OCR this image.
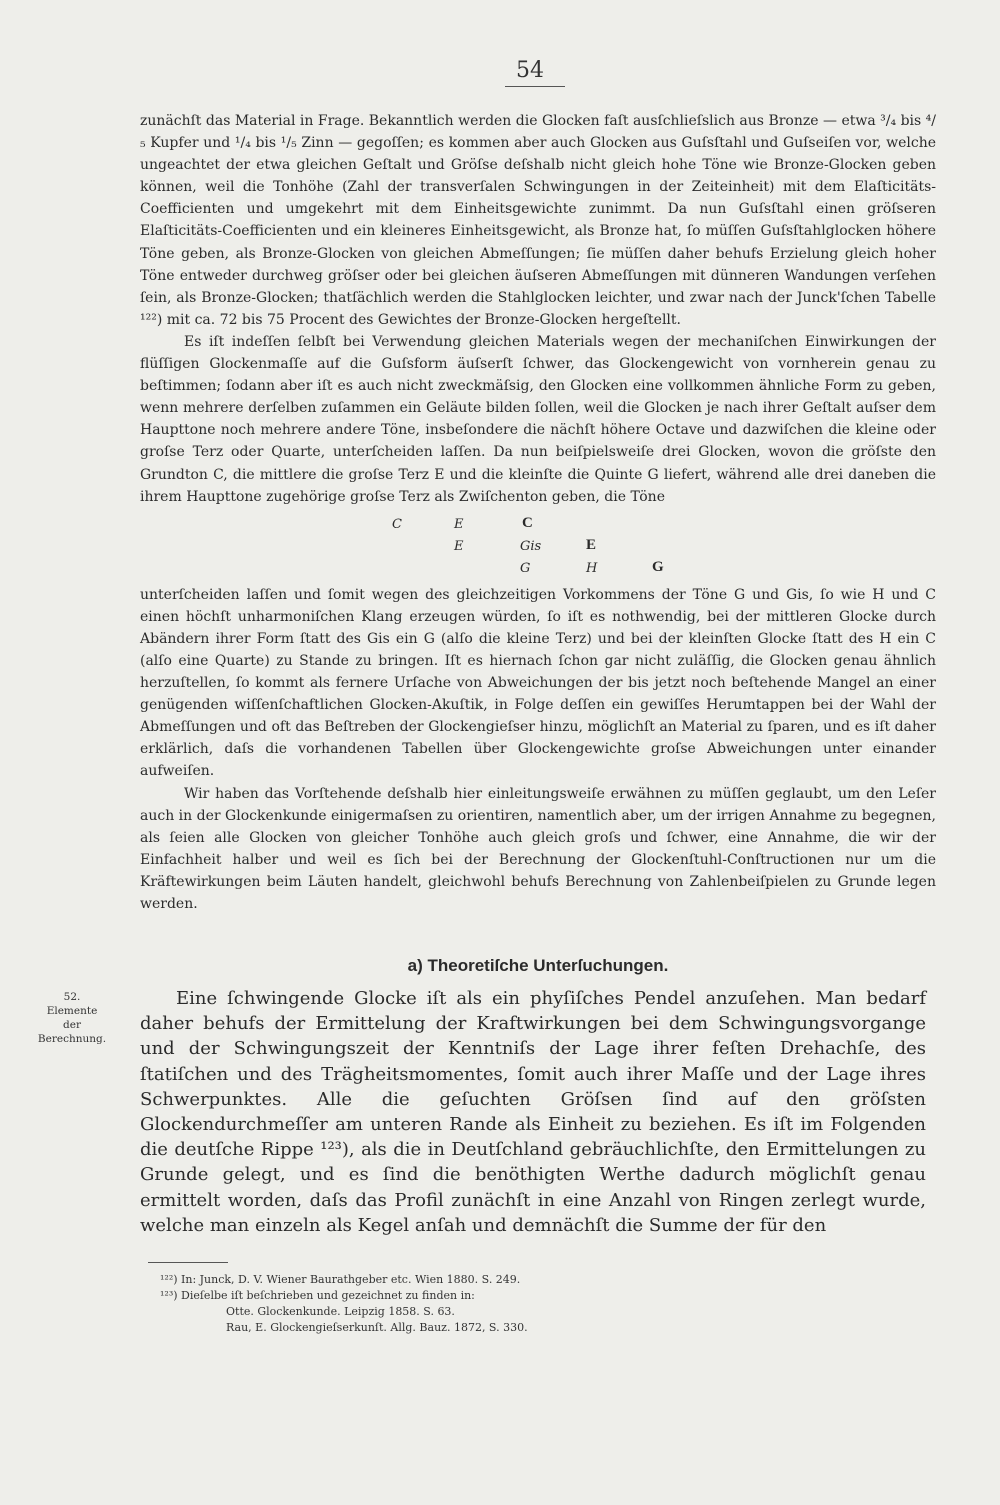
54

zunächſt das Material in Frage. Bekanntlich werden die Glocken faſt ausſchlieſslich aus Bronze — etwa ³/₄ bis ⁴/₅ Kupfer und ¹/₄ bis ¹/₅ Zinn — gegoſſen; es kommen aber auch Glocken aus Guſsſtahl und Guſseiſen vor, welche ungeachtet der etwa gleichen Geſtalt und Gröſse deſshalb nicht gleich hohe Töne wie Bronze-Glocken geben können, weil die Tonhöhe (Zahl der transverſalen Schwingungen in der Zeiteinheit) mit dem Elaſticitäts-Coefficienten und umgekehrt mit dem Einheitsgewichte zunimmt. Da nun Guſsſtahl einen gröſseren Elaſticitäts-Coefficienten und ein kleineres Einheitsgewicht, als Bronze hat, ſo müſſen Guſsſtahlglocken höhere Töne geben, als Bronze-Glocken von gleichen Abmeſſungen; ſie müſſen daher behufs Erzielung gleich hoher Töne entweder durchweg gröſser oder bei gleichen äuſseren Abmeſſungen mit dünneren Wandungen verſehen ſein, als Bronze-Glocken; thatſächlich werden die Stahlglocken leichter, und zwar nach der Junck'ſchen Tabelle ¹²²) mit ca. 72 bis 75 Procent des Gewichtes der Bronze-Glocken hergeſtellt.

Es iſt indeſſen ſelbſt bei Verwendung gleichen Materials wegen der mechaniſchen Einwirkungen der flüſſigen Glockenmaſſe auf die Guſsform äuſserſt ſchwer, das Glockengewicht von vornherein genau zu beſtimmen; ſodann aber iſt es auch nicht zweckmäſsig, den Glocken eine vollkommen ähnliche Form zu geben, wenn mehrere derſelben zuſammen ein Geläute bilden ſollen, weil die Glocken je nach ihrer Geſtalt auſser dem Haupttone noch mehrere andere Töne, insbeſondere die nächſt höhere Octave und dazwiſchen die kleine oder groſse Terz oder Quarte, unterſcheiden laſſen. Da nun beiſpielsweiſe drei Glocken, wovon die gröſste den Grundton C, die mittlere die groſse Terz E und die kleinſte die Quinte G liefert, während alle drei daneben die ihrem Haupttone zugehörige groſse Terz als Zwiſchenton geben, die Töne

C	E	C
E	Gis	E
G	H	G

unterſcheiden laſſen und ſomit wegen des gleichzeitigen Vorkommens der Töne G und Gis, ſo wie H und C einen höchſt unharmoniſchen Klang erzeugen würden, ſo iſt es nothwendig, bei der mittleren Glocke durch Abändern ihrer Form ſtatt des Gis ein G (alſo die kleine Terz) und bei der kleinſten Glocke ſtatt des H ein C (alſo eine Quarte) zu Stande zu bringen. Iſt es hiernach ſchon gar nicht zuläſſig, die Glocken genau ähnlich herzuſtellen, ſo kommt als fernere Urſache von Abweichungen der bis jetzt noch beſtehende Mangel an einer genügenden wiſſenſchaftlichen Glocken-Akuſtik, in Folge deſſen ein gewiſſes Herumtappen bei der Wahl der Abmeſſungen und oft das Beſtreben der Glockengieſser hinzu, möglichſt an Material zu ſparen, und es iſt daher erklärlich, daſs die vorhandenen Tabellen über Glockengewichte groſse Abweichungen unter einander aufweiſen.

Wir haben das Vorſtehende deſshalb hier einleitungsweiſe erwähnen zu müſſen geglaubt, um den Leſer auch in der Glockenkunde einigermaſsen zu orientiren, namentlich aber, um der irrigen Annahme zu begegnen, als ſeien alle Glocken von gleicher Tonhöhe auch gleich groſs und ſchwer, eine Annahme, die wir der Einfachheit halber und weil es ſich bei der Berechnung der Glockenſtuhl-Conſtructionen nur um die Kräftewirkungen beim Läuten handelt, gleichwohl behufs Berechnung von Zahlenbeiſpielen zu Grunde legen werden.

a) Theoretiſche Unterſuchungen.
52.
Elemente
der
Berechnung.

Eine ſchwingende Glocke iſt als ein phyſiſches Pendel anzuſehen. Man bedarf daher behufs der Ermittelung der Kraftwirkungen bei dem Schwingungsvorgange und der Schwingungszeit der Kenntniſs der Lage ihrer feſten Drehachſe, des ſtatiſchen und des Trägheitsmomentes, ſomit auch ihrer Maſſe und der Lage ihres Schwerpunktes. Alle die geſuchten Gröſsen ſind auf den gröſsten Glockendurchmeſſer am unteren Rande als Einheit zu beziehen. Es iſt im Folgenden die deutſche Rippe ¹²³), als die in Deutſchland gebräuchlichſte, den Ermittelungen zu Grunde gelegt, und es ſind die benöthigten Werthe dadurch möglichſt genau ermittelt worden, daſs das Profil zunächſt in eine Anzahl von Ringen zerlegt wurde, welche man einzeln als Kegel anſah und demnächſt die Summe der für den

¹²²) In: Junck, D. V. Wiener Baurathgeber etc. Wien 1880. S. 249.
¹²³) Dieſelbe iſt beſchrieben und gezeichnet zu finden in:
Otte. Glockenkunde. Leipzig 1858. S. 63.
Rau, E. Glockengieſserkunſt. Allg. Bauz. 1872, S. 330.
